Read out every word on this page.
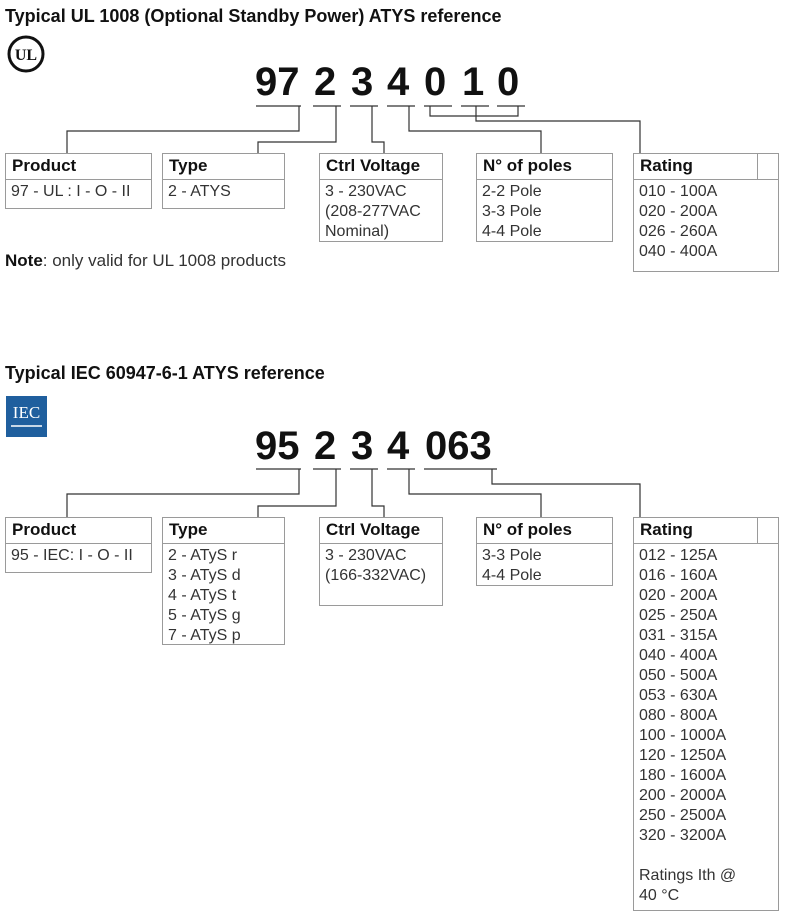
Typical UL 1008 (Optional Standby Power) ATYS reference
UL
97 2 3 4 0 1 0
Product
97 - UL : I - O - II
Type
2 - ATYS
Ctrl Voltage
3 - 230VAC
(208-277VAC
Nominal)
N° of poles
2-2 Pole
3-3 Pole
4-4 Pole
Rating
010 - 100A
020 - 200A
026 - 260A
040 - 400A
Note: only valid for UL 1008 products
Typical IEC 60947-6-1 ATYS reference
IEC
95 2 3 4 063
Product
95 - IEC: I - O - II
Type
2 - ATyS r
3 - ATyS d
4 - ATyS t
5 - ATyS g
7 - ATyS p
Ctrl Voltage
3 - 230VAC
(166-332VAC)
N° of poles
3-3 Pole
4-4 Pole
Rating
012 - 125A
016 - 160A
020 - 200A
025 - 250A
031 - 315A
040 - 400A
050 - 500A
053 - 630A
080 - 800A
100 - 1000A
120 - 1250A
180 - 1600A
200 - 2000A
250 - 2500A
320 - 3200A
Ratings Ith @
40 °C
